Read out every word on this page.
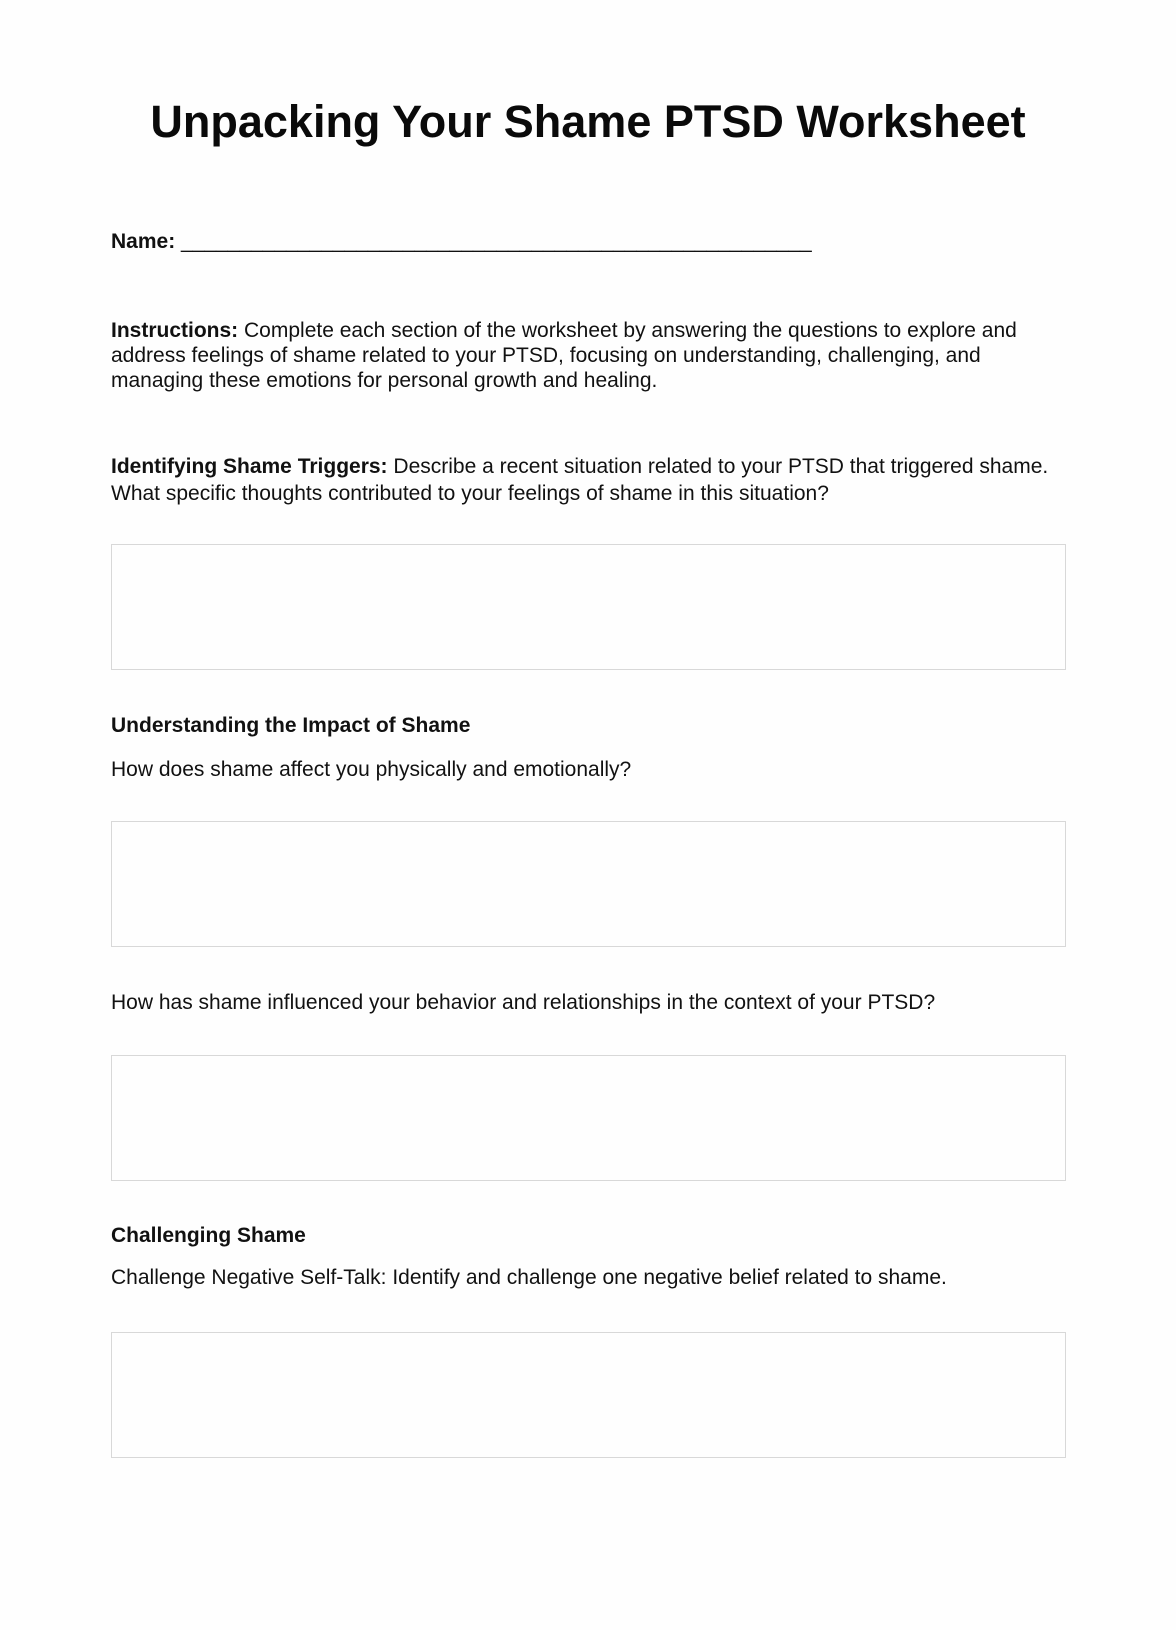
Unpacking Your Shame PTSD Worksheet
Name: ______________________________________________________
Instructions: Complete each section of the worksheet by answering the questions to explore and address feelings of shame related to your PTSD, focusing on understanding, challenging, and managing these emotions for personal growth and healing.
Identifying Shame Triggers: Describe a recent situation related to your PTSD that triggered shame. What specific thoughts contributed to your feelings of shame in this situation?
Understanding the Impact of Shame
How does shame affect you physically and emotionally?
How has shame influenced your behavior and relationships in the context of your PTSD?
Challenging Shame
Challenge Negative Self-Talk: Identify and challenge one negative belief related to shame.
